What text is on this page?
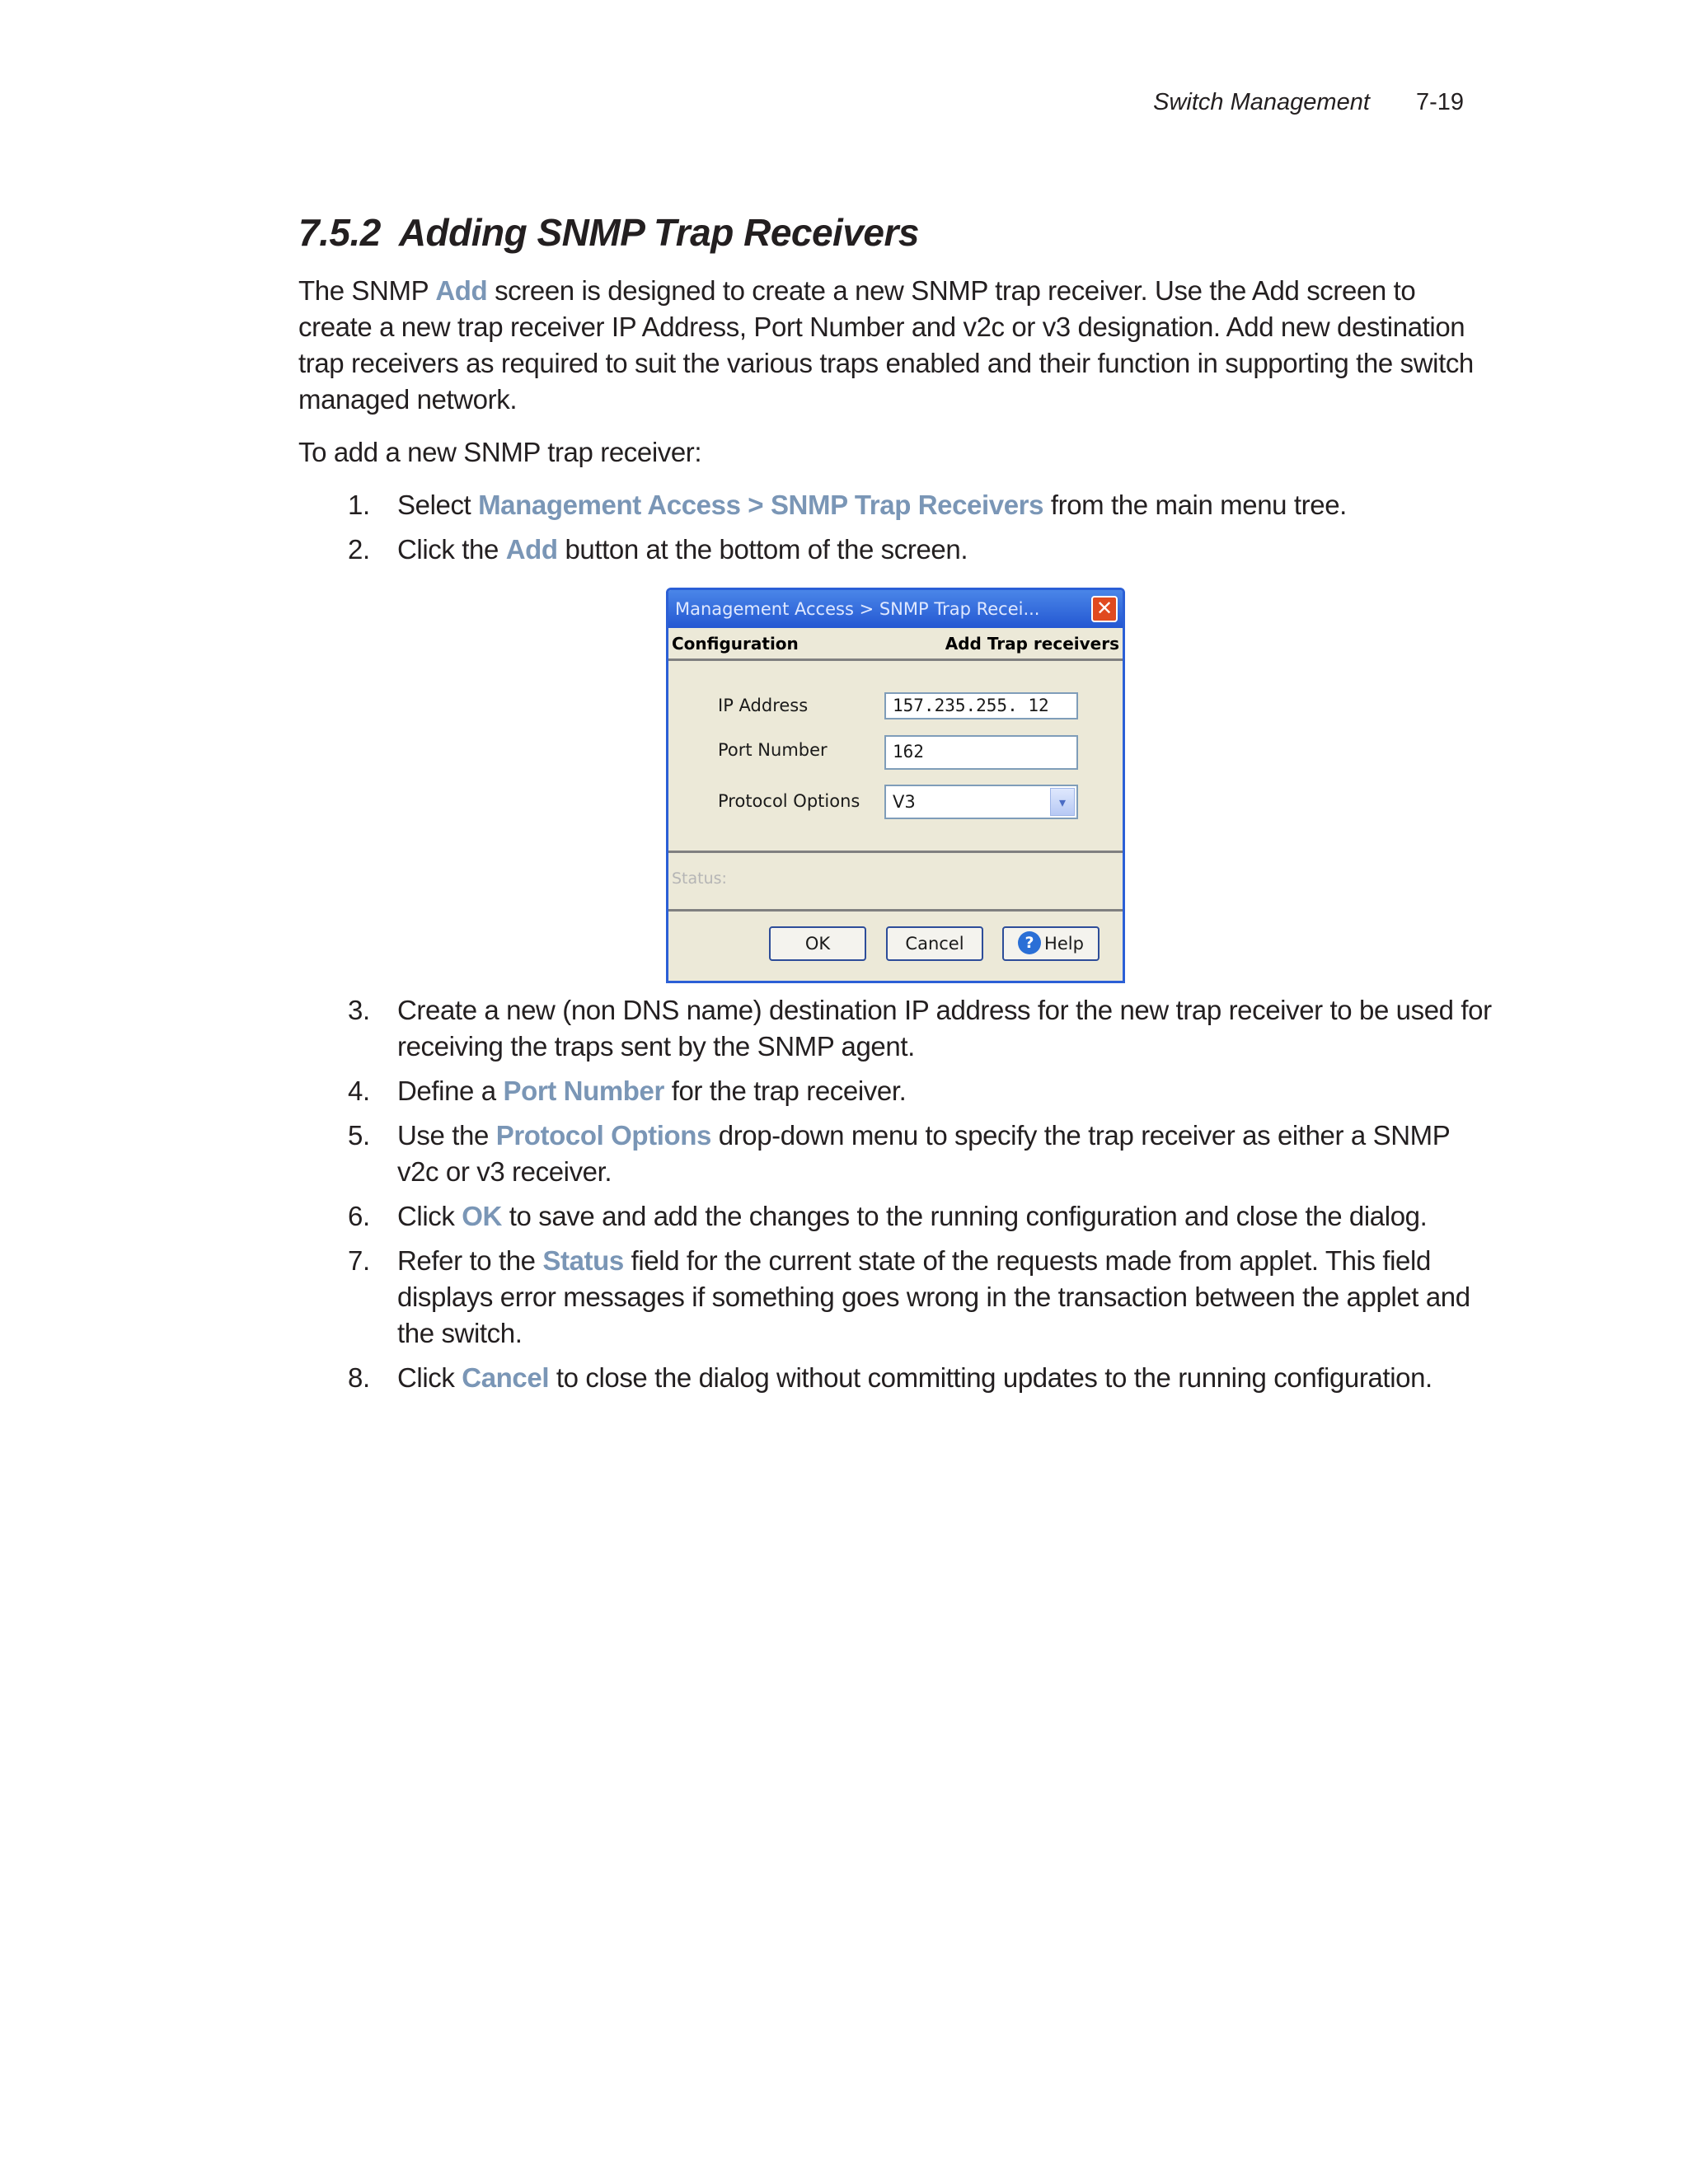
Switch Management 7-19
7.5.2 Adding SNMP Trap Receivers

The SNMP Add screen is designed to create a new SNMP trap receiver. Use the Add screen to create a new trap receiver IP Address, Port Number and v2c or v3 designation. Add new destination trap receivers as required to suit the various traps enabled and their function in supporting the switch managed network.

To add a new SNMP trap receiver:

1. Select Management Access > SNMP Trap Receivers from the main menu tree.
2. Click the Add button at the bottom of the screen.
Management Access > SNMP Trap Recei...	✕
Configuration	Add Trap receivers
IP Address	157.235.255. 12
Port Number	162
Protocol Options	V3	▾
Status:
OK	Cancel	? Help
3. Create a new (non DNS name) destination IP address for the new trap receiver to be used for receiving the traps sent by the SNMP agent.
4. Define a Port Number for the trap receiver.
5. Use the Protocol Options drop-down menu to specify the trap receiver as either a SNMP v2c or v3 receiver.
6. Click OK to save and add the changes to the running configuration and close the dialog.
7. Refer to the Status field for the current state of the requests made from applet. This field displays error messages if something goes wrong in the transaction between the applet and the switch.
8. Click Cancel to close the dialog without committing updates to the running configuration.
